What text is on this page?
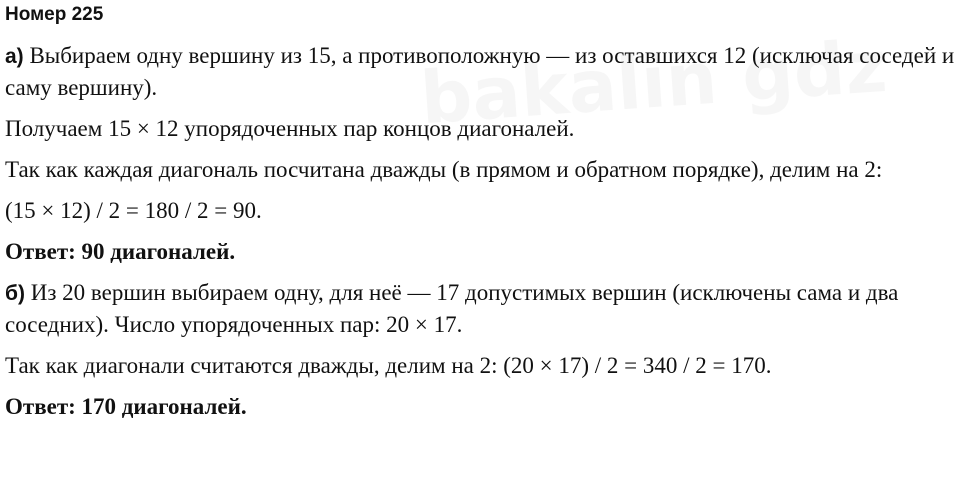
Номер 225

а) Выбираем одну вершину из 15, а противоположную — из оставшихся 12 (исключая соседей и саму вершину).

Получаем 15 × 12 упорядоченных пар концов диагоналей.

Так как каждая диагональ посчитана дважды (в прямом и обратном порядке), делим на 2:

(15 × 12) / 2 = 180 / 2 = 90.

Ответ: 90 диагоналей.

б) Из 20 вершин выбираем одну, для неё — 17 допустимых вершин (исключены сама и два соседних). Число упорядоченных пар: 20 × 17.

Так как диагонали считаются дважды, делим на 2: (20 × 17) / 2 = 340 / 2 = 170.

Ответ: 170 диагоналей.
